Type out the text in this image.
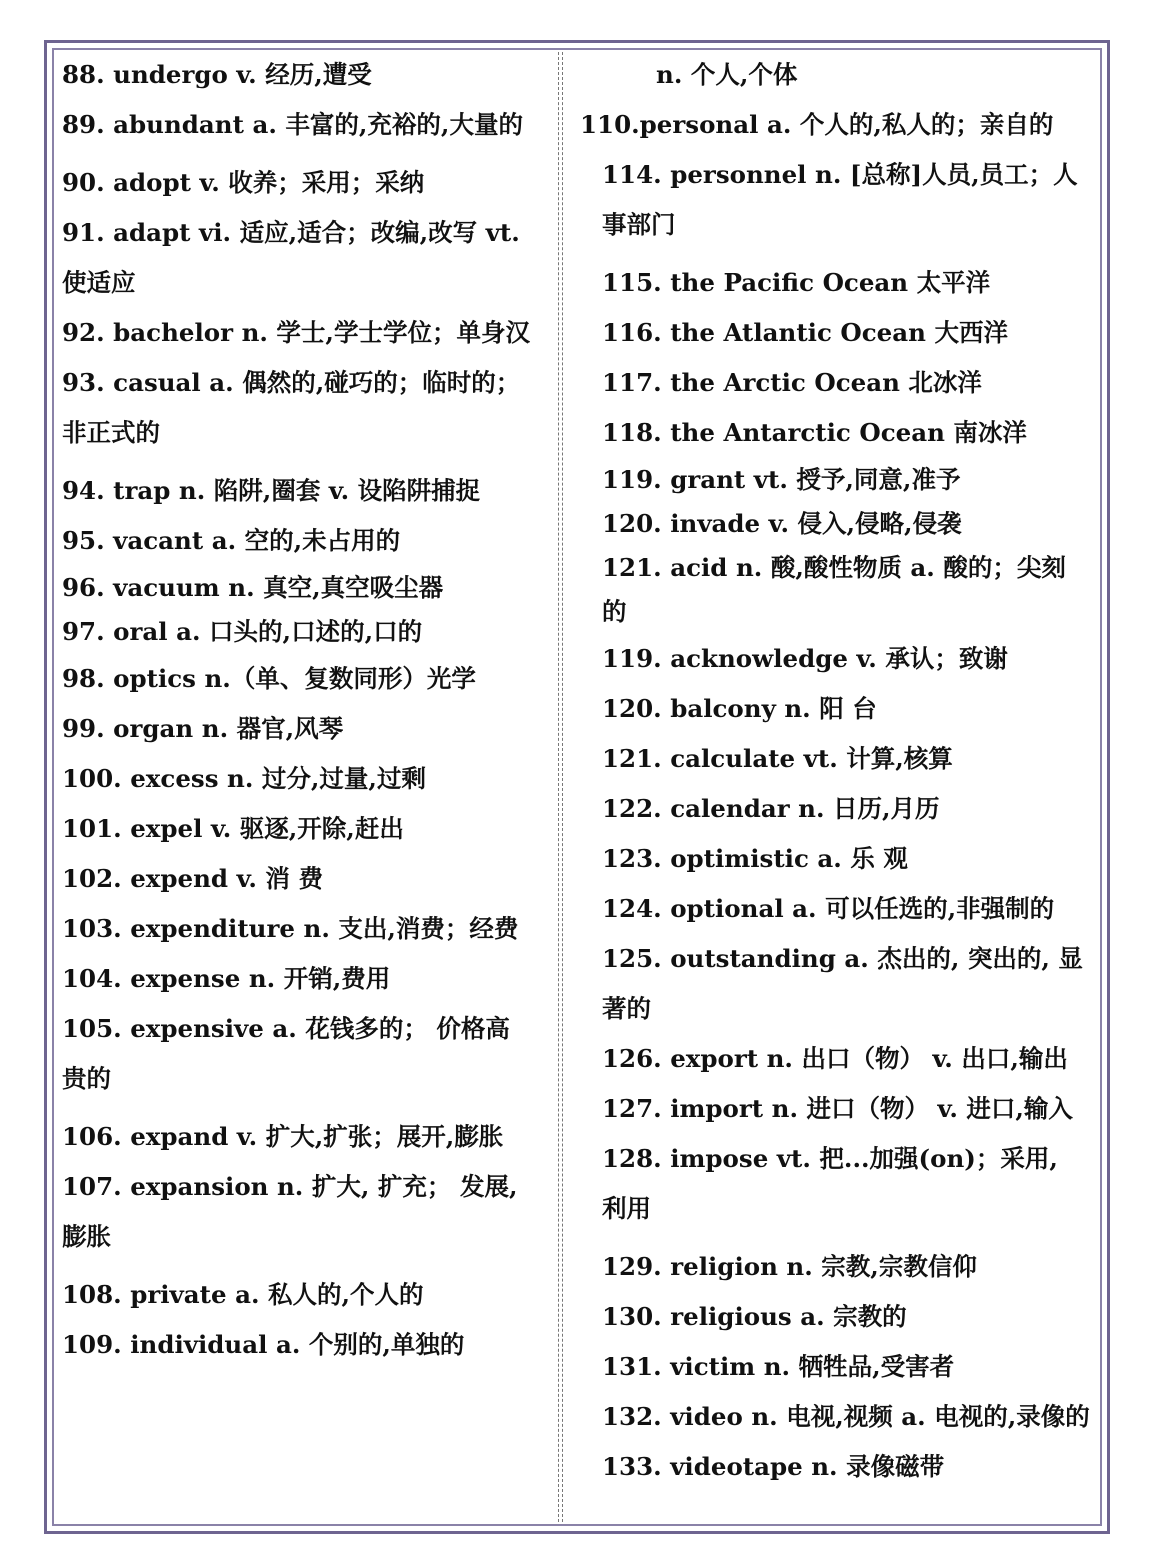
88. undergo v. 经历,遭受

89. abundant a. 丰富的,充裕的,大量的

90. adopt v. 收养；采用；采纳

91. adapt vi. 适应,适合；改编,改写 vt. 使适应

92. bachelor n. 学士,学士学位；单身汉

93. casual a. 偶然的,碰巧的；临时的；非正式的

94. trap n. 陷阱,圈套 v. 设陷阱捕捉

95. vacant a. 空的,未占用的

96. vacuum n. 真空,真空吸尘器

97. oral a. 口头的,口述的,口的

98. optics n.（单、复数同形）光学

99. organ n. 器官,风琴

100. excess n. 过分,过量,过剩

101. expel v. 驱逐,开除,赶出

102. expend v. 消 费

103. expenditure n. 支出,消费；经费

104. expense n. 开销,费用

105. expensive a. 花钱多的； 价格高贵的

106. expand v. 扩大,扩张；展开,膨胀

107. expansion n. 扩大, 扩充； 发展,膨胀

108. private a. 私人的,个人的

109. individual a. 个别的,单独的

n. 个人,个体

110.personal a. 个人的,私人的；亲自的

114. personnel n. [总称]人员,员工；人事部门

115. the Pacific Ocean 太平洋

116. the Atlantic Ocean 大西洋

117. the Arctic Ocean 北冰洋

118. the Antarctic Ocean 南冰洋

119. grant vt. 授予,同意,准予

120. invade v. 侵入,侵略,侵袭

121. acid n. 酸,酸性物质 a. 酸的；尖刻的

119. acknowledge v. 承认；致谢

120. balcony n. 阳 台

121. calculate vt. 计算,核算

122. calendar n. 日历,月历

123. optimistic a. 乐 观

124. optional a. 可以任选的,非强制的

125. outstanding a. 杰出的, 突出的, 显著的

126. export n. 出口（物） v. 出口,输出

127. import n. 进口（物） v. 进口,输入

128. impose vt. 把...加强(on)；采用, 利用

129. religion n. 宗教,宗教信仰

130. religious a. 宗教的

131. victim n. 牺牲品,受害者

132. video n. 电视,视频 a. 电视的,录像的

133. videotape n. 录像磁带
